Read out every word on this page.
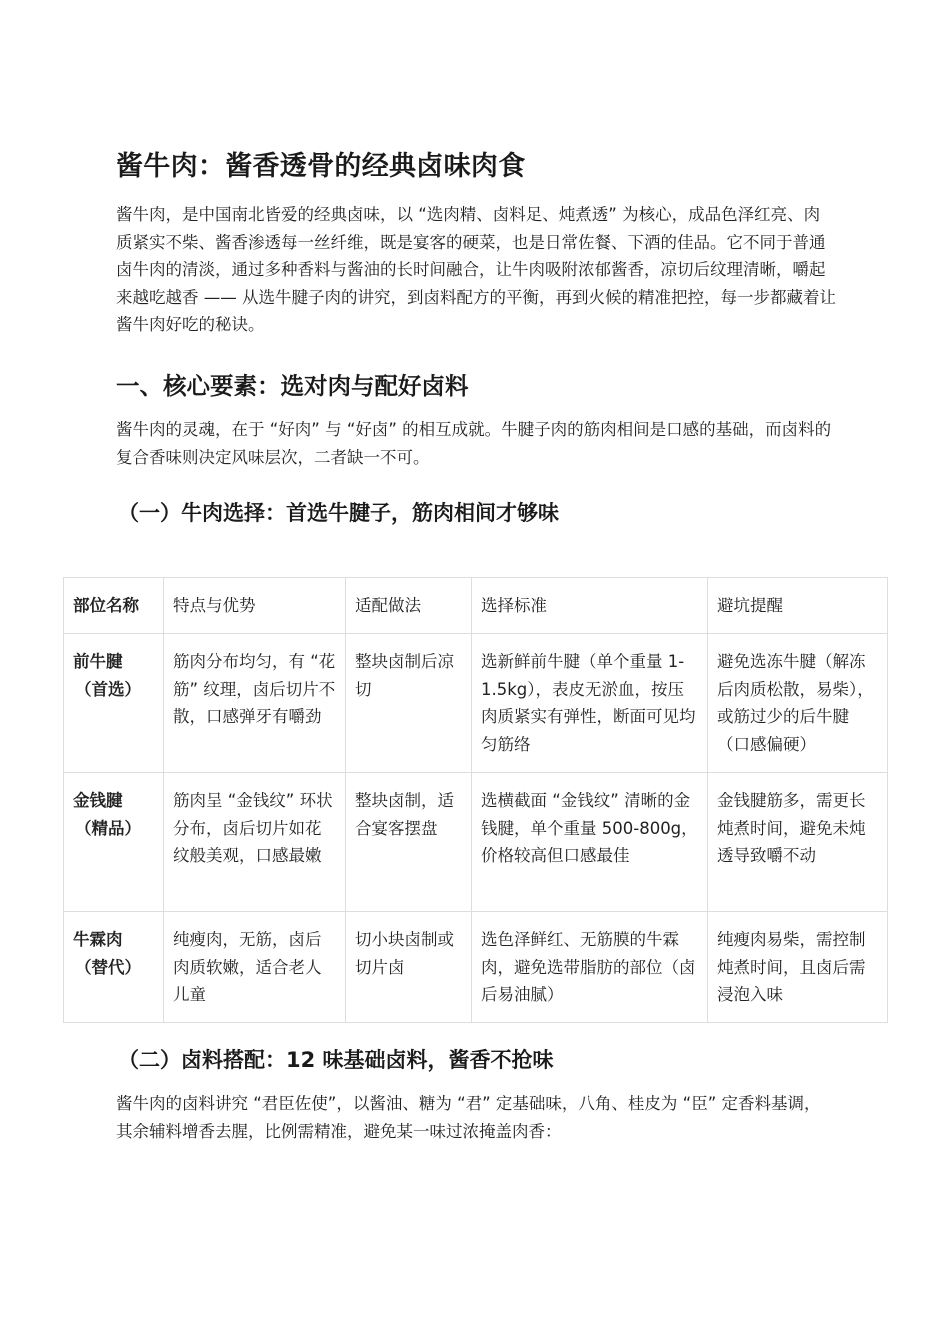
酱牛肉：酱香透骨的经典卤味肉食

酱牛肉，是中国南北皆爱的经典卤味，以 “选肉精、卤料足、炖煮透” 为核心，成品色泽红亮、肉质紧实不柴、酱香渗透每一丝纤维，既是宴客的硬菜，也是日常佐餐、下酒的佳品。它不同于普通卤牛肉的清淡，通过多种香料与酱油的长时间融合，让牛肉吸附浓郁酱香，凉切后纹理清晰，嚼起来越吃越香 —— 从选牛腱子肉的讲究，到卤料配方的平衡，再到火候的精准把控，每一步都藏着让酱牛肉好吃的秘诀。

一、核心要素：选对肉与配好卤料

酱牛肉的灵魂，在于 “好肉” 与 “好卤” 的相互成就。牛腱子肉的筋肉相间是口感的基础，而卤料的复合香味则决定风味层次，二者缺一不可。

（一）牛肉选择：首选牛腱子，筋肉相间才够味
部位名称	特点与优势	适配做法	选择标准	避坑提醒

前牛腱
（首选）	筋肉分布均匀，有 “花筋” 纹理，卤后切片不散，口感弹牙有嚼劲	整块卤制后凉切	选新鲜前牛腱（单个重量 1-1.5kg），表皮无淤血，按压肉质紧实有弹性，断面可见均匀筋络	避免选冻牛腱（解冻后肉质松散，易柴），或筋过少的后牛腱（口感偏硬）

金钱腱
（精品）	筋肉呈 “金钱纹” 环状分布，卤后切片如花纹般美观，口感最嫩	整块卤制，适合宴客摆盘	选横截面 “金钱纹” 清晰的金钱腱，单个重量 500-800g，价格较高但口感最佳	金钱腱筋多，需更长炖煮时间，避免未炖透导致嚼不动

牛霖肉
（替代）	纯瘦肉，无筋，卤后肉质软嫩，适合老人儿童	切小块卤制或切片卤	选色泽鲜红、无筋膜的牛霖肉，避免选带脂肪的部位（卤后易油腻）	纯瘦肉易柴，需控制炖煮时间，且卤后需浸泡入味
（二）卤料搭配：12 味基础卤料，酱香不抢味

酱牛肉的卤料讲究 “君臣佐使”，以酱油、糖为 “君” 定基础味，八角、桂皮为 “臣” 定香料基调，其余辅料增香去腥，比例需精准，避免某一味过浓掩盖肉香：
